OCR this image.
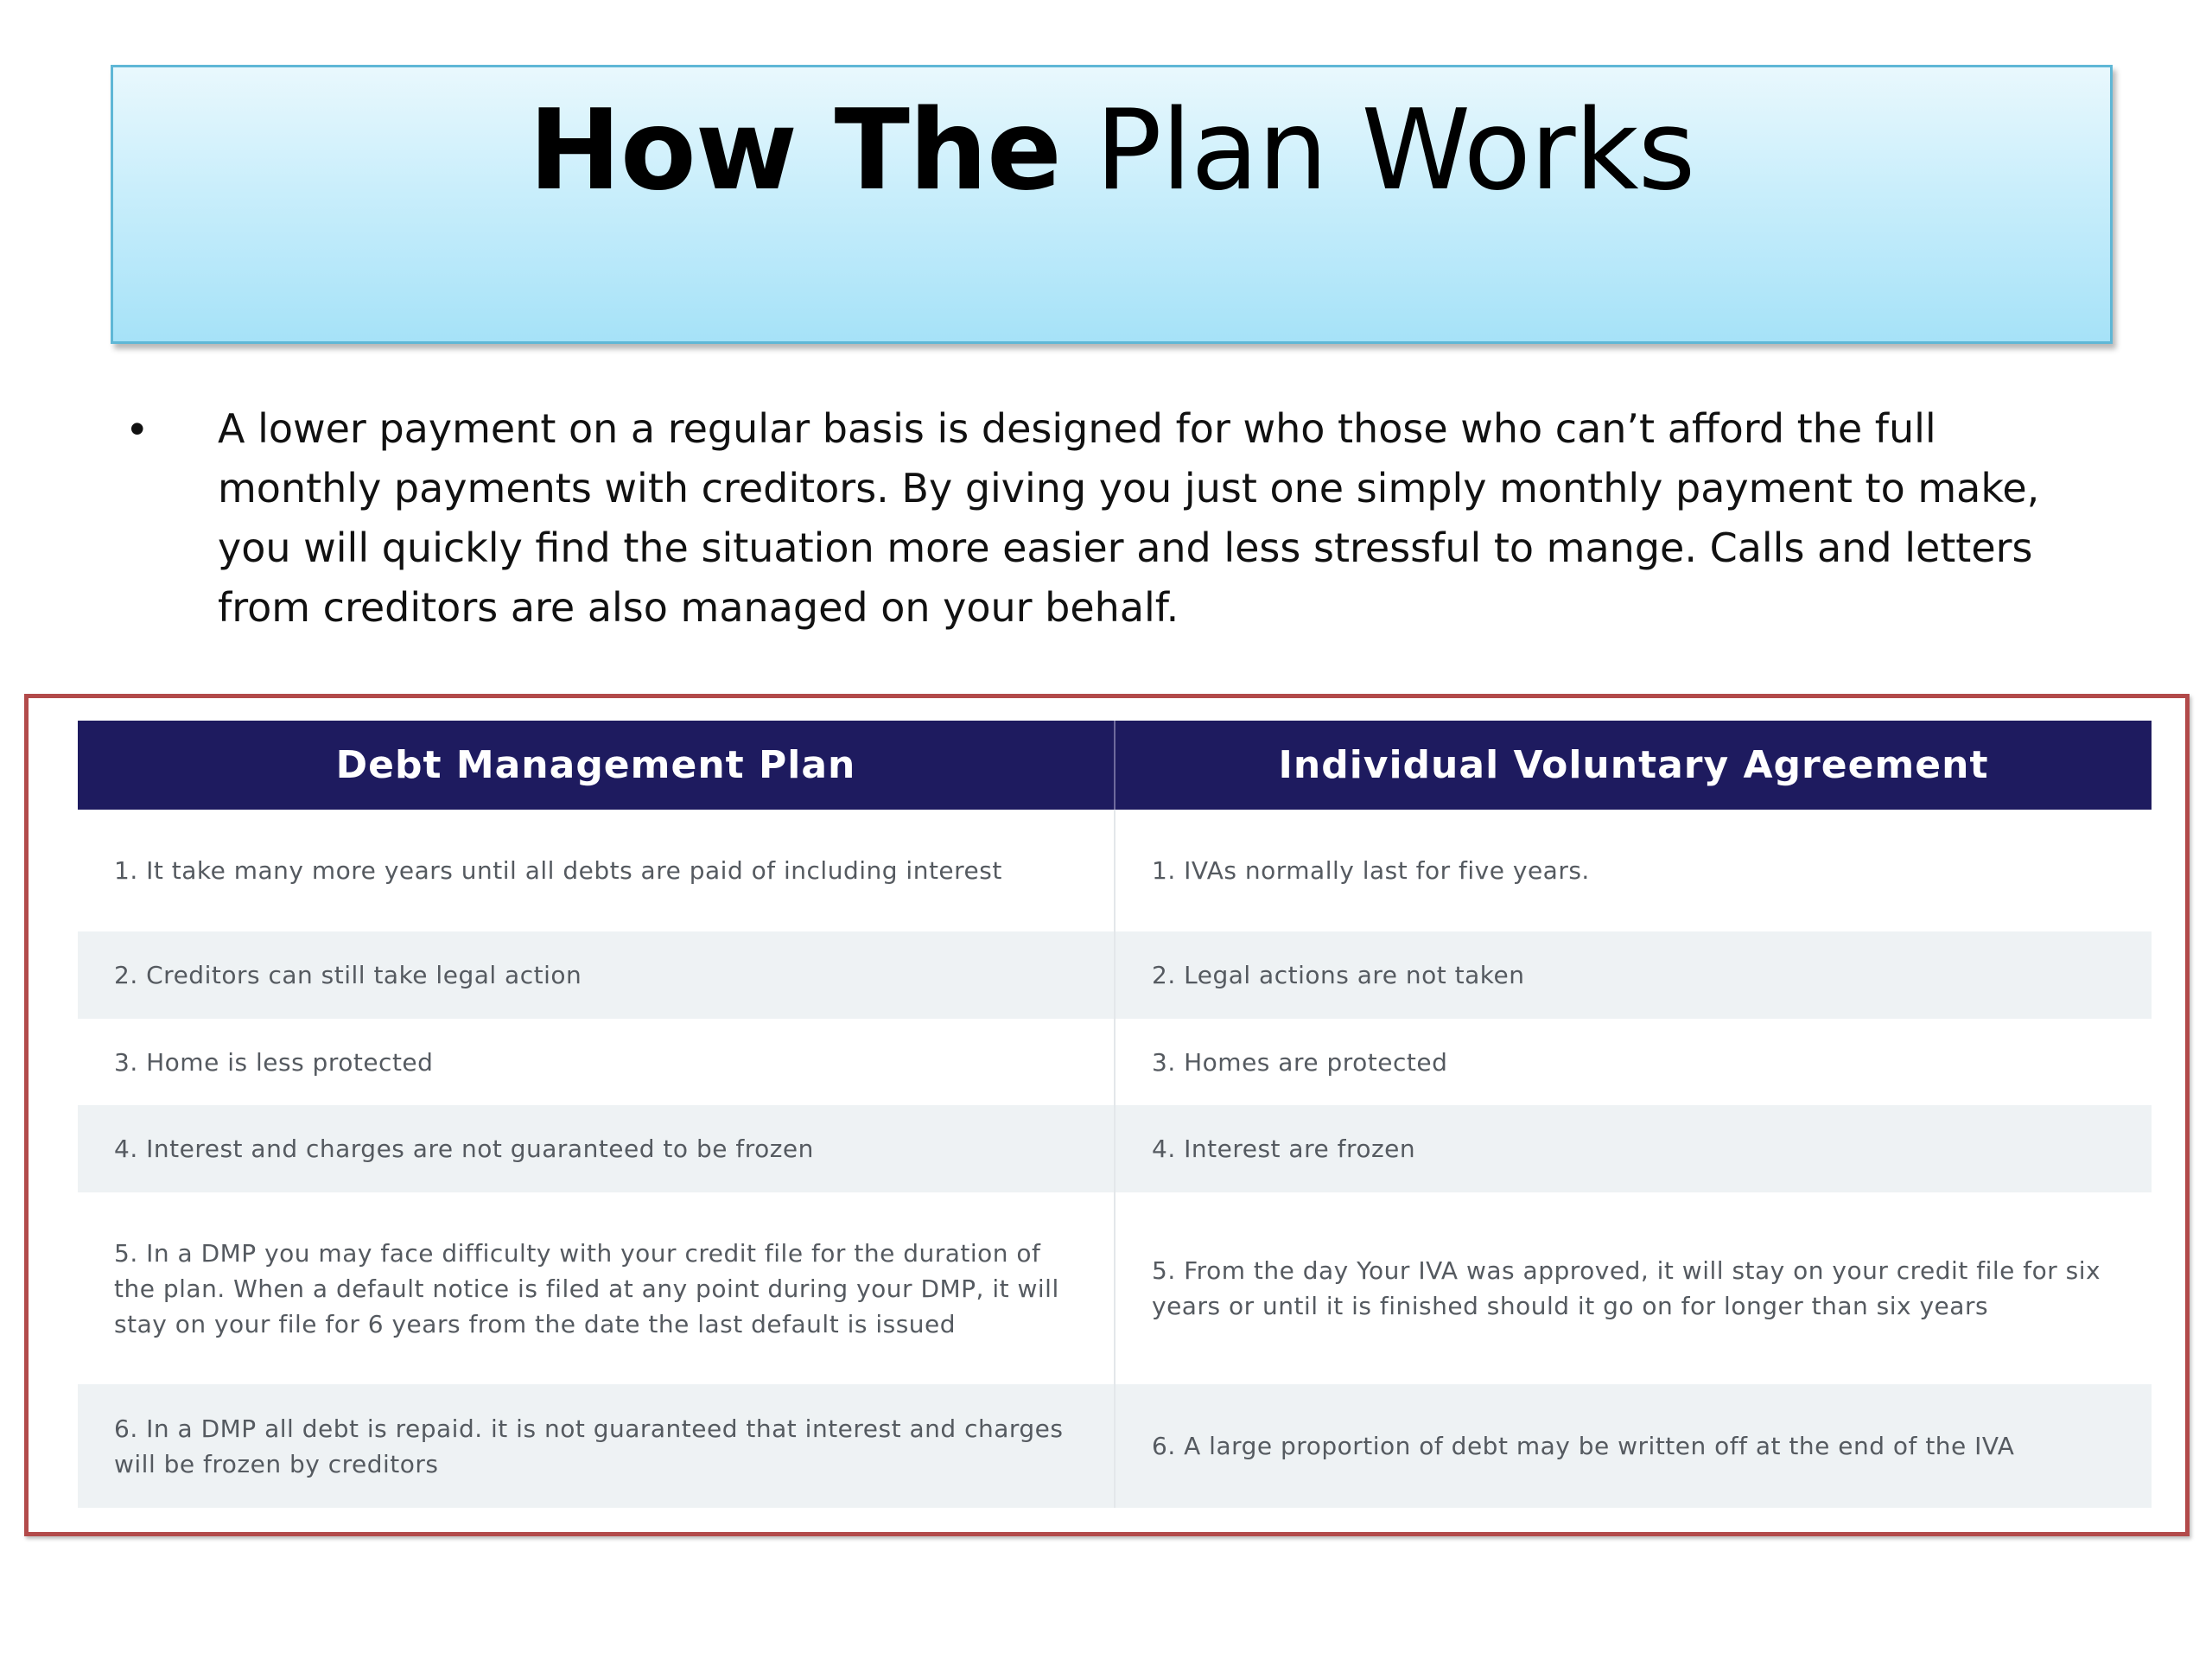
How The Plan Works
• A lower payment on a regular basis is designed for who those who can’t afford the full monthly payments with creditors. By giving you just one simply monthly payment to make, you will quickly find the situation more easier and less stressful to mange. Calls and letters from creditors are also managed on your behalf.
Debt Management Plan	Individual Voluntary Agreement
1. It take many more years until all debts are paid of including interest	1. IVAs normally last for five years.
2. Creditors can still take legal action	2. Legal actions are not taken
3. Home is less protected	3. Homes are protected
4. Interest and charges are not guaranteed to be frozen	4. Interest are frozen
5. In a DMP you may face difficulty with your credit file for the duration of the plan. When a default notice is filed at any point during your DMP, it will stay on your file for 6 years from the date the last default is issued	5. From the day Your IVA was approved, it will stay on your credit file for six years or until it is finished should it go on for longer than six years
6. In a DMP all debt is repaid. it is not guaranteed that interest and charges will be frozen by creditors	6. A large proportion of debt may be written off at the end of the IVA
